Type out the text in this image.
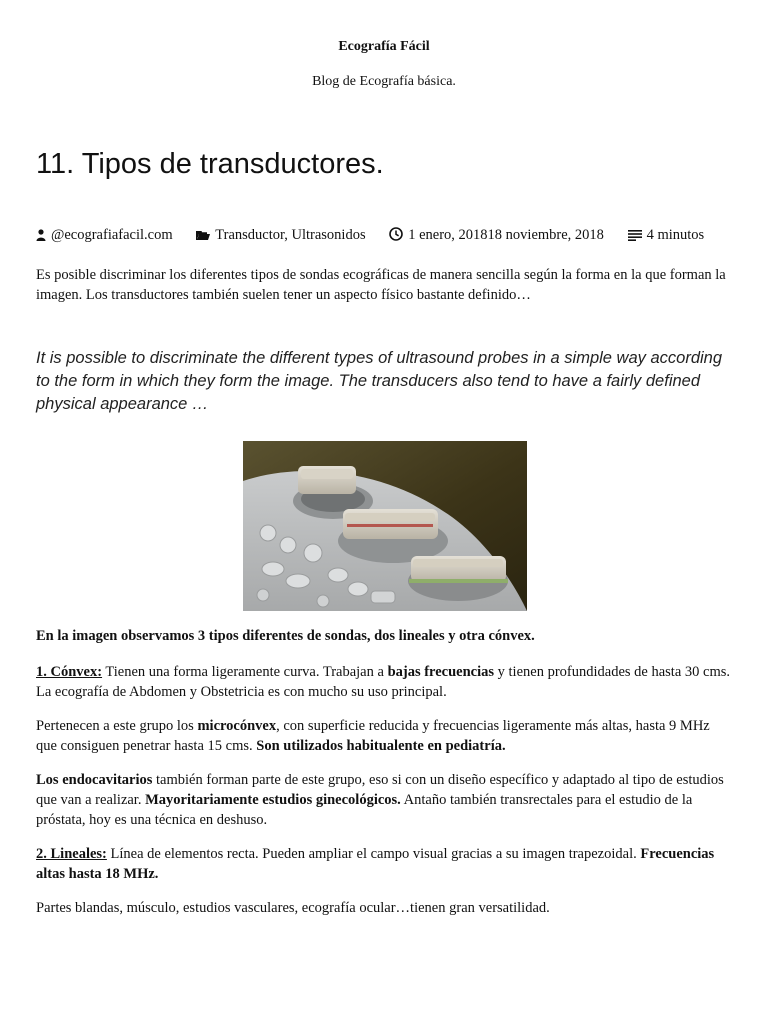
Ecografía Fácil
Blog de Ecografía básica.
11. Tipos de transductores.
@ecografiafacil.com	Transductor, Ultrasonidos	1 enero, 201818 noviembre, 2018	4 minutos

Es posible discriminar los diferentes tipos de sondas ecográficas de manera sencilla según la forma en la que forman la imagen. Los transductores también suelen tener un aspecto físico bastante definido…

It is possible to discriminate the different types of ultrasound probes in a simple way according to the form in which they form the image. The transducers also tend to have a fairly defined physical appearance …

En la imagen observamos 3 tipos diferentes de sondas, dos lineales y otra cónvex.

1. Cónvex: Tienen una forma ligeramente curva. Trabajan a bajas frecuencias y tienen profundidades de hasta 30 cms. La ecografía de Abdomen y Obstetricia es con mucho su uso principal.

Pertenecen a este grupo los microcónvex, con superficie reducida y frecuencias ligeramente más altas, hasta 9 MHz que consiguen penetrar hasta 15 cms. Son utilizados habitualente en pediatría.

Los endocavitarios también forman parte de este grupo, eso si con un diseño específico y adaptado al tipo de estudios que van a realizar. Mayoritariamente estudios ginecológicos. Antaño también transrectales para el estudio de la próstata, hoy es una técnica en deshuso.

2. Lineales: Línea de elementos recta. Pueden ampliar el campo visual gracias a su imagen trapezoidal. Frecuencias altas hasta 18 MHz.

Partes blandas, músculo, estudios vasculares, ecografía ocular…tienen gran versatilidad.
